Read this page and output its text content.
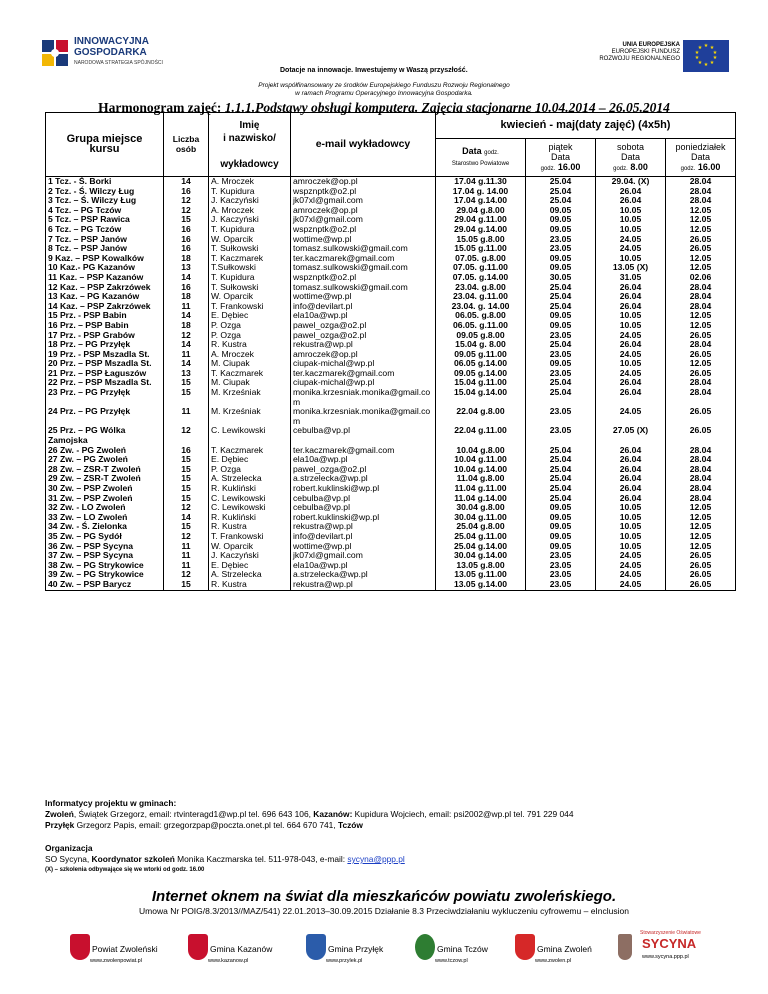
INNOWACYJNA
GOSPODARKA
NARODOWA STRATEGIA SPÓJNOŚCI
Dotacje na innowacje. Inwestujemy w Waszą przyszłość.
UNIA EUROPEJSKA
EUROPEJSKI FUNDUSZ
ROZWOJU REGIONALNEGO
★ ★
★
★
★
★
★
★
★
★
Projekt współfinansowany ze środków Europejskiego Funduszu Rozwoju Regionalnego
w ramach Programu Operacyjnego Innowacyjna Gospodarka.
Harmonogram zajęć: 1.1.1.Podstawy obsługi komputera. Zajęcia stacjonarne 10.04.2014 – 26.05.2014
Grupa miejsce kursu	Liczba osób	Imię
i nazwisko/

wykładowcy	e-mail wykładowcy	kwiecień - maj(daty zajęć) (4x5h)			
				Data godz.
Starostwo Powiatowe	piątek
Data
godz. 16.00	sobota
Data
godz. 8.00	poniedziałek
Data
godz. 16.00
1 Tcz. - Ś. Borki	14	A. Mroczek	amroczek@op.pl	17.04 g.11.30	25.04	29.04. (X)	28.04
2 Tcz. - Ś. Wilczy Ług	16	T. Kupidura	wspznptk@o2.pl	17.04 g. 14.00	25.04	26.04	28.04
3 Tcz. – Ś. Wilczy Ług	12	J. Kaczyński	jk07xl@gmail.com	17.04 g.14.00	25.04	26.04	28.04
4 Tcz. – PG Tczów	12	A. Mroczek	amroczek@op.pl	29.04 g.8.00	09.05	10.05	12.05
5 Tcz. – PSP Rawica	15	J. Kaczyński	jk07xl@gmail.com	29.04 g.11.00	09.05	10.05	12.05
6 Tcz. – PG Tczów	16	T. Kupidura	wspznptk@o2.pl	29.04 g.14.00	09.05	10.05	12.05
7 Tcz. – PSP Janów	16	W. Oparcik	wottime@wp.pl	15.05 g.8.00	23.05	24.05	26.05
8 Tcz. – PSP Janów	16	T. Sułkowski	tomasz.sulkowski@gmail.com	15.05 g.11.00	23.05	24.05	26.05
9 Kaz. – PSP Kowalków	18	T. Kaczmarek	ter.kaczmarek@gmail.com	07.05. g.8.00	09.05	10.05	12.05
10 Kaz.- PG Kazanów	13	T.Sułkowski	tomasz.sulkowski@gmail.com	07.05. g.11.00	09.05	13.05 (X)	12.05
11 Kaz. – PSP Kazanów	14	T. Kupidura	wspznptk@o2.pl	07.05. g.14.00	30.05	31.05	02.06
12 Kaz. – PSP Zakrzówek	16	T. Sułkowski	tomasz.sulkowski@gmail.com	23.04. g.8.00	25.04	26.04	28.04
13 Kaz. – PG Kazanów	18	W. Oparcik	wottime@wp.pl	23.04. g.11.00	25.04	26.04	28.04
14 Kaz. – PSP Zakrzówek	11	T. Frankowski	info@devilart.pl	23.04. g. 14.00	25.04	26.04	28.04
15 Prz. - PSP Babin	14	E. Dębiec	ela10a@wp.pl	06.05. g.8.00	09.05	10.05	12.05
16 Prz. – PSP Babin	18	P. Ozga	pawel_ozga@o2.pl	06.05. g.11.00	09.05	10.05	12.05
17 Prz. - PSP Grabów	12	P. Ozga	pawel_ozga@o2.pl	09.05 g.8.00	23.05	24.05	26.05
18 Prz. – PG Przyłęk	14	R. Kustra	rekustra@wp.pl	15.04 g. 8.00	25.04	26.04	28.04
19 Prz. - PSP Mszadla St.	11	A. Mroczek	amroczek@op.pl	09.05 g.11.00	23.05	24.05	26.05
20 Prz. – PSP Mszadla St.	14	M. Ciupak	ciupak-michal@wp.pl	06.05 g.14.00	09.05	10.05	12.05
21 Prz. – PSP Łaguszów	13	T. Kaczmarek	ter.kaczmarek@gmail.com	09.05 g.14.00	23.05	24.05	26.05
22 Prz. – PSP Mszadla St.	15	M. Ciupak	ciupak-michal@wp.pl	15.04 g.11.00	25.04	26.04	28.04
23 Prz. – PG Przyłęk	15	M. Krześniak	monika.krzesniak.monika@gmail.com	15.04 g.14.00	25.04	26.04	28.04
24 Prz. – PG Przyłęk	11	M. Krześniak	monika.krzesniak.monika@gmail.com	22.04 g.8.00	23.05	24.05	26.05
25 Prz. – PG Wólka Zamojska	12	C. Lewikowski	cebulba@vp.pl	22.04 g.11.00	23.05	27.05 (X)	26.05
26 Zw. - PG Zwoleń	16	T. Kaczmarek	ter.kaczmarek@gmail.com	10.04 g.8.00	25.04	26.04	28.04
27 Zw. – PG Zwoleń	15	E. Dębiec	ela10a@wp.pl	10.04 g.11.00	25.04	26.04	28.04
28 Zw. – ZSR-T Zwoleń	15	P. Ozga	pawel_ozga@o2.pl	10.04 g.14.00	25.04	26.04	28.04
29 Zw. – ZSR-T Zwoleń	15	A. Strzelecka	a.strzelecka@wp.pl	11.04 g.8.00	25.04	26.04	28.04
30 Zw. – PSP Zwoleń	15	R. Kukliński	robert.kuklinski@wp.pl	11.04 g.11.00	25.04	26.04	28.04
31 Zw. – PSP Zwoleń	15	C. Lewikowski	cebulba@vp.pl	11.04 g.14.00	25.04	26.04	28.04
32 Zw. - LO Zwoleń	12	C. Lewikowski	cebulba@vp.pl	30.04 g.8.00	09.05	10.05	12.05
33 Zw. – LO Zwoleń	14	R. Kukliński	robert.kuklinski@wp.pl	30.04 g.11.00	09.05	10.05	12.05
34 Zw. - Ś. Zielonka	15	R. Kustra	rekustra@wp.pl	25.04 g.8.00	09.05	10.05	12.05
35 Zw. – PG Sydół	12	T. Frankowski	info@devilart.pl	25.04 g.11.00	09.05	10.05	12.05
36 Zw. – PSP Sycyna	11	W. Oparcik	wottime@wp.pl	25.04 g.14.00	09.05	10.05	12.05
37 Zw. – PSP Sycyna	11	J. Kaczyński	jk07xl@gmail.com	30.04 g.14.00	23.05	24.05	26.05
38 Zw. – PG Strykowice	11	E. Dębiec	ela10a@wp.pl	13.05 g.8.00	23.05	24.05	26.05
39 Zw. – PG Strykowice	12	A. Strzelecka	a.strzelecka@wp.pl	13.05 g.11.00	23.05	24.05	26.05
40 Zw. – PSP Barycz	15	R. Kustra	rekustra@wp.pl	13.05 g.14.00	23.05	24.05	26.05
Informatycy projektu w gminach:
Zwoleń, Świątek Grzegorz, email: rtvinteragd1@wp.pl tel. 696 643 106, Kazanów: Kupidura Wojciech, email: psi2002@wp.pl tel. 791 229 044
Przyłęk Grzegorz Papis, email: grzegorzpap@poczta.onet.pl tel. 664 670 741, Tczów
Organizacja
SO Sycyna, Koordynator szkoleń Monika Kaczmarska tel. 511-978-043, e-mail: sycyna@ppp.pl
(X) – szkolenia odbywające się we wtorki od godz. 16.00
Internet oknem na świat dla mieszkańców powiatu zwoleńskiego.
Umowa Nr POIG/8.3/2013//MAZ/541) 22.01.2013–30.09.2015 Działanie 8.3 Przeciwdziałaniu wykluczeniu cyfrowemu – eInclusion
Powiat Zwoleński
www.zwolenpowiat.pl
Gmina Kazanów
www.kazanow.pl
Gmina Przyłęk
www.przylek.pl
Gmina Tczów
www.tczow.pl
Gmina Zwoleń
www.zwolen.pl
Stowarzyszenie Oświatowe
SYCYNA
www.sycyna.ppp.pl
